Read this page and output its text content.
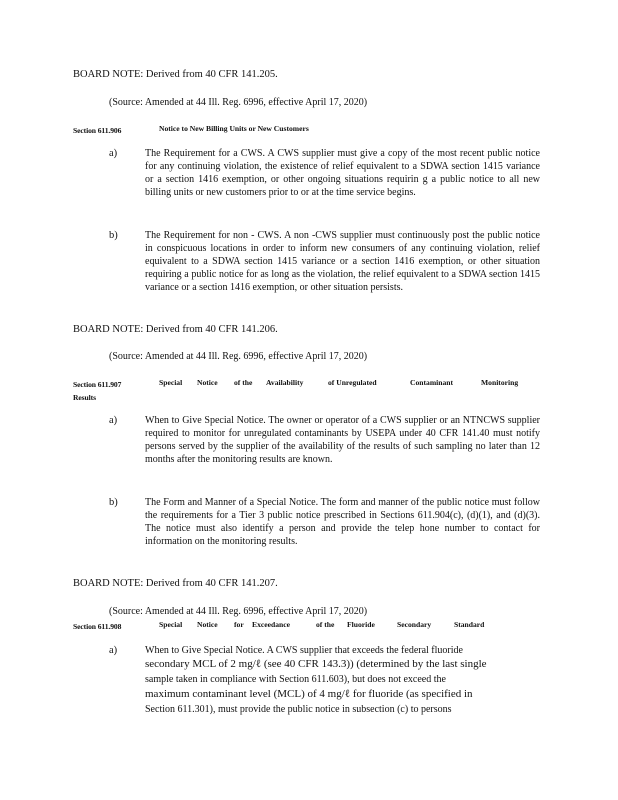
BOARD NOTE: Derived from 40 CFR 141.205.
(Source: Amended at 44 Ill. Reg. 6996, effective April 17, 2020)
Section 611.906	Notice to New Billing Units or New Customers
a)	The Requirement for a CWS. A CWS supplier must give a copy of the most recent public notice for any continuing violation, the existence of relief equivalent to a SDWA section 1415 variance or a section 1416 exemption, or other ongoing situations requirin g a public notice to all new billing units or new customers prior to or at the time service begins.
b)	The Requirement for non - CWS. A non -CWS supplier must continuously post the public notice in conspicuous locations in order to inform new consumers of any continuing violation, relief equivalent to a SDWA section 1415 variance or a section 1416 exemption, or other situation requiring a public notice for as long as the violation, the relief equivalent to a SDWA section 1415 variance or a section 1416 exemption, or other situation persists.
BOARD NOTE: Derived from 40 CFR 141.206.
(Source: Amended at 44 Ill. Reg. 6996, effective April 17, 2020)
Section 611.907	Special Notice of the Availability	of Unregulated	Contaminant	Monitoring
Results
a)	When to Give Special Notice. The owner or operator of a CWS supplier or an NTNCWS supplier required to monitor for unregulated contaminants by USEPA under 40 CFR 141.40 must notify persons served by the supplier of the availability of the results of such sampling no later than 12 months after the monitoring results are known.
b)	The Form and Manner of a Special Notice. The form and manner of the public notice must follow the requirements for a Tier 3 public notice prescribed in Sections 611.904(c), (d)(1), and (d)(3). The notice must also identify a person and provide the telep hone number to contact for information on the monitoring results.
BOARD NOTE: Derived from 40 CFR 141.207.
(Source: Amended at 44 Ill. Reg. 6996, effective April 17, 2020)
Section 611.908	Special Notice for Exceedance	of the Fluoride	Secondary	Standard
a)	When to Give Special Notice. A CWS supplier that exceeds the federal fluoride
secondary MCL of 2 mg/ℓ (see 40 CFR 143.3)) (determined by the last single
sample taken in compliance with Section 611.603), but does not exceed the
maximum contaminant level (MCL) of 4 mg/ℓ for fluoride (as specified in
Section 611.301), must provide the public notice in subsection (c) to persons
